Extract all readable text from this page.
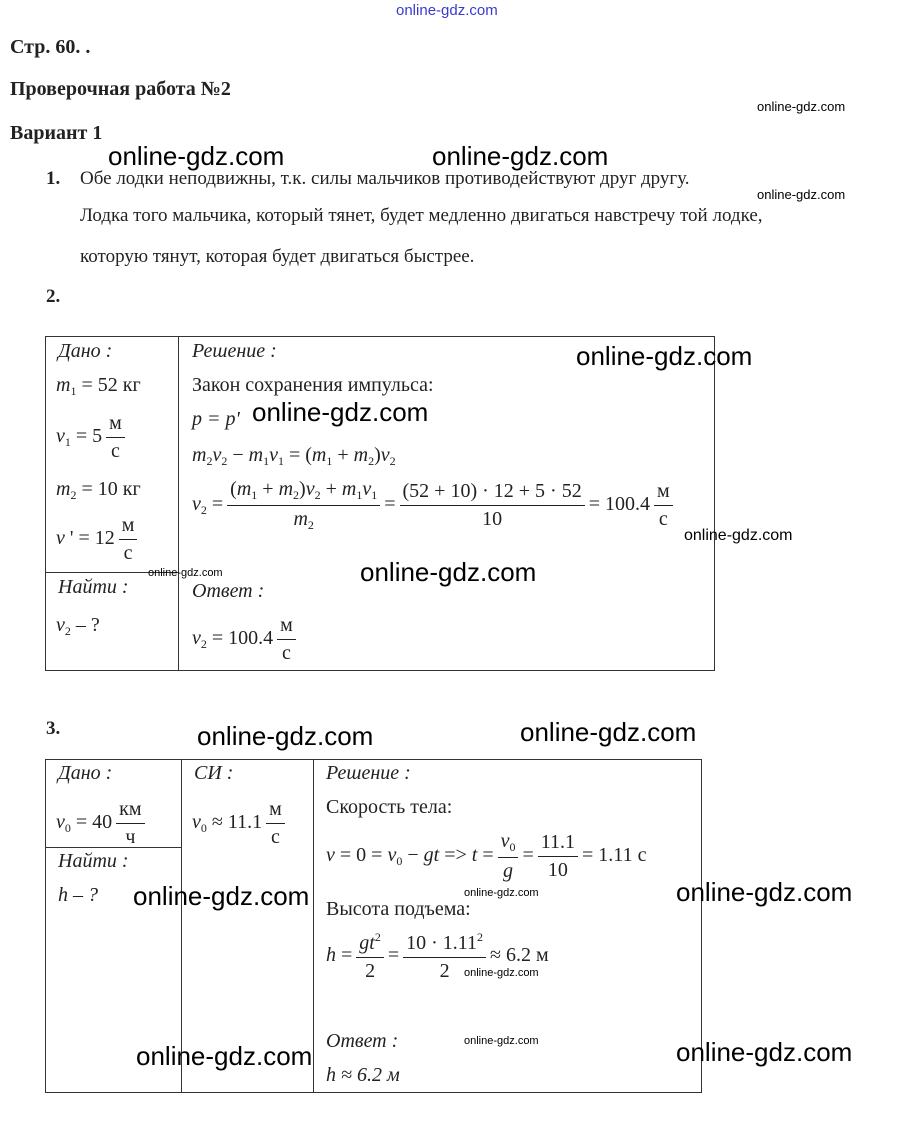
online-gdz.com
Стр. 60. .
Проверочная работа №2
Вариант 1
1. Обе лодки неподвижны, т.к. силы мальчиков противодействуют друг другу.
Лодка того мальчика, который тянет, будет медленно двигаться навстречу той лодке,
которую тянут, которая будет двигаться быстрее.
2.
Дано :
$m_1 = 52$ кг
$v_1 = 5 \frac{м}{с}$
$m_2 = 10$ кг
v ' = $12 \frac{м}{с}$
Найти :
$v_2$ – ?
Решение :
Закон сохранения импульса:
p = p'
$m_2v_2 - m_1v_1 = (m_1 + m_2)v_2$
$v_2 = \frac{(m_1 + m_2)v_2 + m_1v_1}{m_2} = \frac{(52 + 10) \cdot 12 + 5 \cdot 52}{10} = 100.4 \frac{м}{с}$
Ответ :
$v_2 = 100.4 \frac{м}{с}$
3.
Дано :
$v_0 = 40 \frac{км}{ч}$
Найти :
h – ?
СИ :
$v_0 \approx 11.1 \frac{м}{с}$
Решение :
Скорость тела:
$v = 0 = v_0$ − gt => $t = \frac{v_0}{g} = \frac{11.1}{10} = 1.11$ с
Высота подъема:
$h = \frac{gt^2}{2} = \frac{10 \cdot 1.11^2}{2} \approx 6.2$ м
Ответ :
h ≈ 6.2 м
online-gdz.com	online-gdz.com
online-gdz.com
online-gdz.com
online-gdz.com
online-gdz.com
online-gdz.com
online-gdz.com	online-gdz.com
online-gdz.com	online-gdz.com
online-gdz.com	online-gdz.com	online-gdz.com
online-gdz.com
online-gdz.com
online-gdz.com	online-gdz.com
